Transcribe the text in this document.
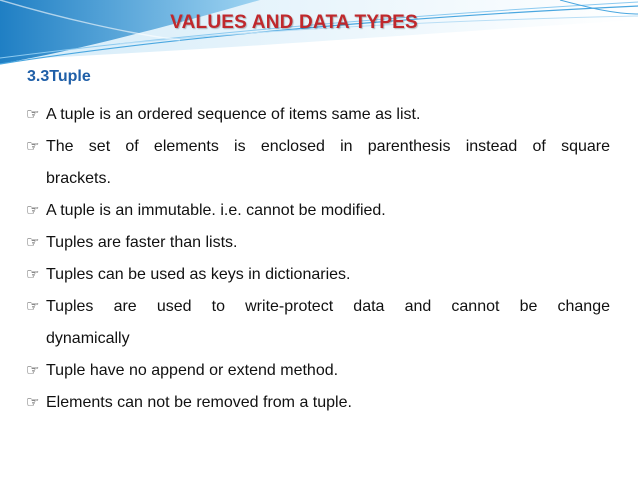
VALUES AND DATA TYPES
3.3Tuple
☞ A tuple is an ordered sequence of items same as list.
☞ The set of elements is enclosed in parenthesis instead of square
brackets.
☞ A tuple is an immutable. i.e. cannot be modified.
☞ Tuples are faster than lists.
☞ Tuples can be used as keys in dictionaries.
☞ Tuples are used to write-protect data and cannot be change
dynamically
☞ Tuple have no append or extend method.
☞ Elements can not be removed from a tuple.
